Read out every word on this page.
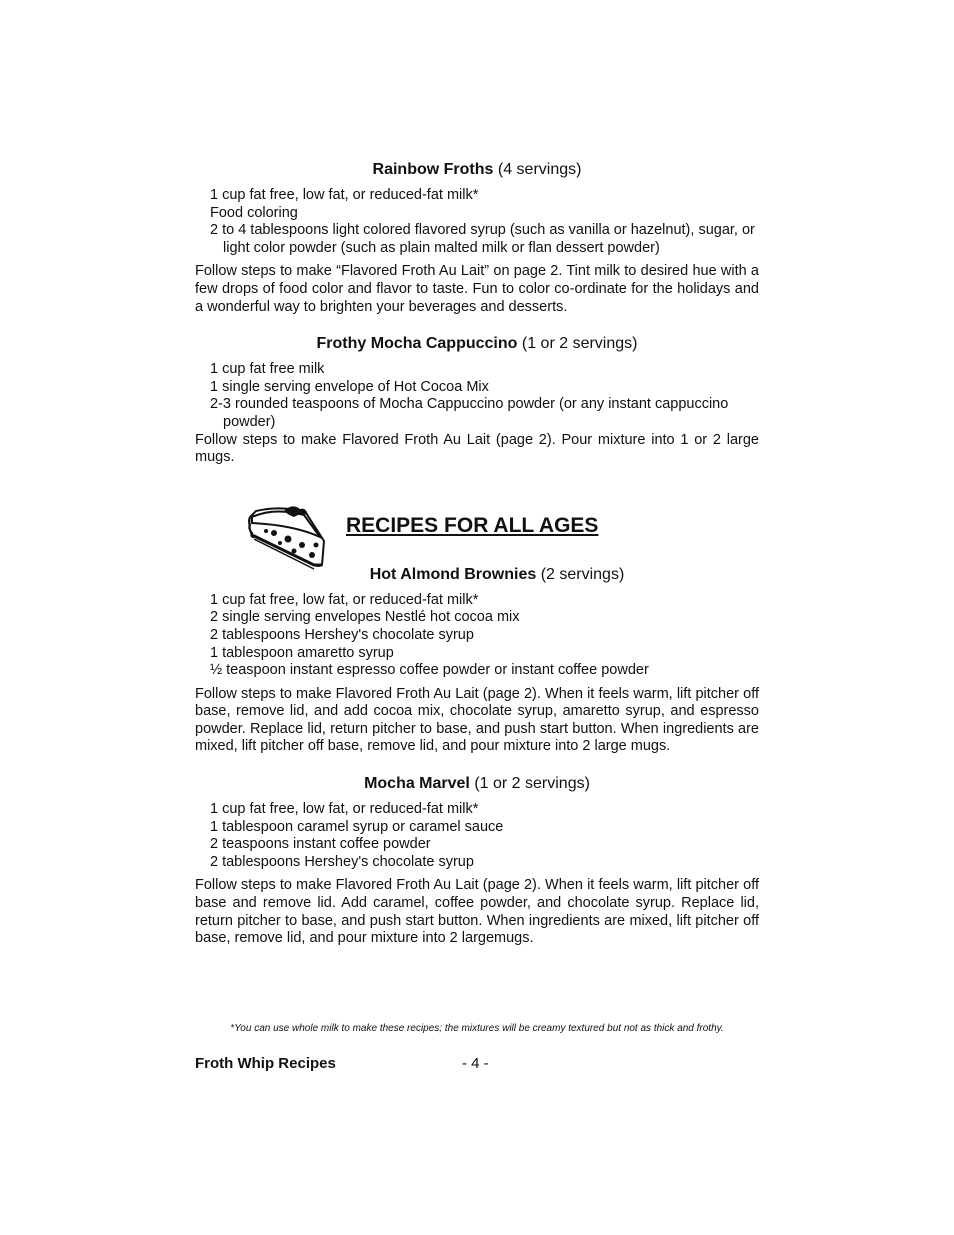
Rainbow Froths (4 servings)
1 cup fat free, low fat, or reduced-fat milk*
Food coloring
2 to 4 tablespoons light colored flavored syrup (such as vanilla or hazelnut), sugar, or light color powder (such as plain malted milk or flan dessert powder)

Follow steps to make “Flavored Froth Au Lait” on page 2. Tint milk to desired hue with a few drops of food color and flavor to taste. Fun to color co-ordinate for the holidays and a wonderful way to brighten your beverages and desserts.

Frothy Mocha Cappuccino (1 or 2 servings)
1 cup fat free milk
1 single serving envelope of Hot Cocoa Mix
2-3 rounded teaspoons of Mocha Cappuccino powder (or any instant cappuccino powder)

Follow steps to make Flavored Froth Au Lait (page 2). Pour mixture into 1 or 2 large mugs.

RECIPES FOR ALL AGES
Hot Almond Brownies (2 servings)
1 cup fat free, low fat, or reduced-fat milk*
2 single serving envelopes Nestlé hot cocoa mix
2 tablespoons Hershey's chocolate syrup
1 tablespoon amaretto syrup
½ teaspoon instant espresso coffee powder or instant coffee powder

Follow steps to make Flavored Froth Au Lait (page 2). When it feels warm, lift pitcher off base, remove lid, and add cocoa mix, chocolate syrup, amaretto syrup, and espresso powder. Replace lid, return pitcher to base, and push start button. When ingredients are mixed, lift pitcher off base, remove lid, and pour mixture into 2 large mugs.

Mocha Marvel (1 or 2 servings)
1 cup fat free, low fat, or reduced-fat milk*
1 tablespoon caramel syrup or caramel sauce
2 teaspoons instant coffee powder
2 tablespoons Hershey's chocolate syrup

Follow steps to make Flavored Froth Au Lait (page 2). When it feels warm, lift pitcher off base and remove lid. Add caramel, coffee powder, and chocolate syrup. Replace lid, return pitcher to base, and push start button. When ingredients are mixed, lift pitcher off base, remove lid, and pour mixture into 2 largemugs.

*You can use whole milk to make these recipes; the mixtures will be creamy textured but not as thick and frothy.
Froth Whip Recipes	- 4 -
